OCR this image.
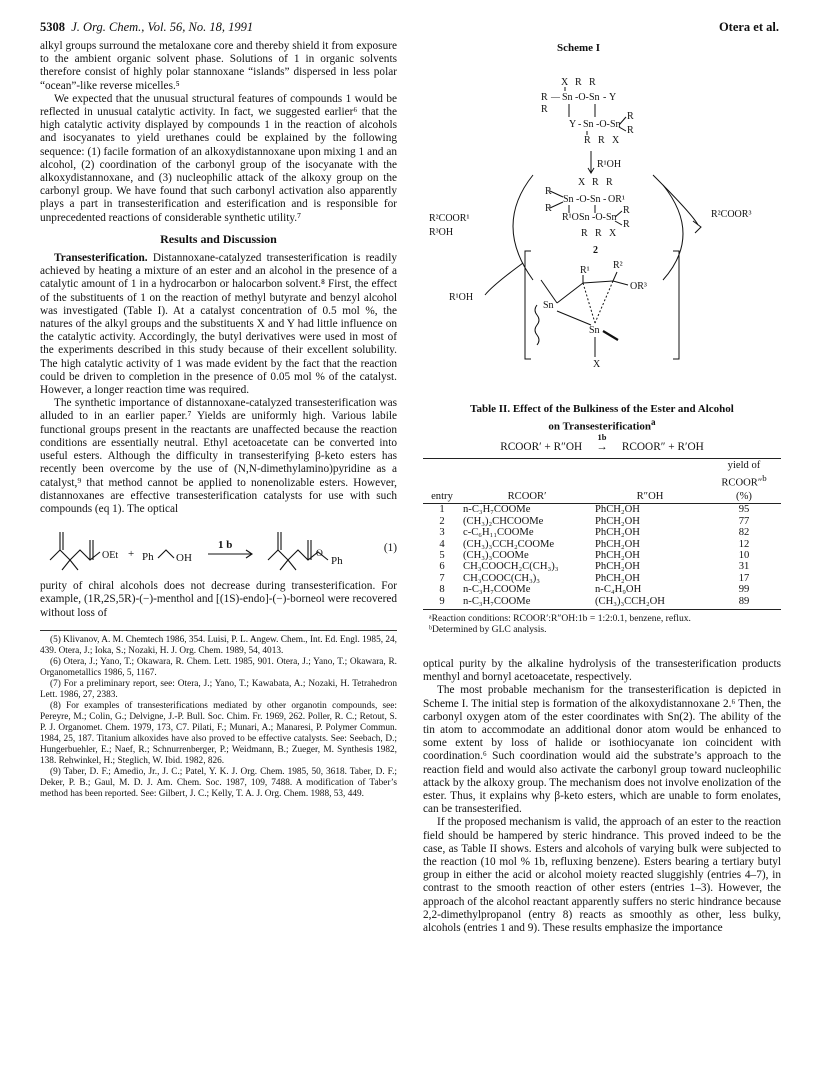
5308 J. Org. Chem., Vol. 56, No. 18, 1991	Otera et al.

alkyl groups surround the metaloxane core and thereby shield it from exposure to the ambient organic solvent phase. Solutions of 1 in organic solvents therefore consist of highly polar stannoxane “islands” dispersed in less polar “ocean”-like reverse micelles.⁵

We expected that the unusual structural features of compounds 1 would be reflected in unusual catalytic activity. In fact, we suggested earlier⁶ that the high catalytic activity displayed by compounds 1 in the reaction of alcohols and isocyanates to yield urethanes could be explained by the following sequence: (1) facile formation of an alkoxydistannoxane upon mixing 1 and an alcohol, (2) coordination of the carbonyl group of the isocyanate with the alkoxydistannoxane, and (3) nucleophilic attack of the alkoxy group on the carbonyl group. We have found that such carbonyl activation also apparently plays a part in transesterification and esterification and is responsible for unprecedented reactions of considerable synthetic utility.⁷

Results and Discussion

Transesterification. Distannoxane-catalyzed transesterification is readily achieved by heating a mixture of an ester and an alcohol in the presence of a catalytic amount of 1 in a hydrocarbon or halocarbon solvent.⁸ First, the effect of the substituents of 1 on the reaction of methyl butyrate and benzyl alcohol was investigated (Table I). At a catalyst concentration of 0.5 mol %, the natures of the alkyl groups and the substituents X and Y had little influence on the catalytic activity. Accordingly, the butyl derivatives were used in most of the experiments described in this study because of their excellent solubility. The high catalytic activity of 1 was made evident by the fact that the reaction could be driven to completion in the presence of 0.05 mol % of the catalyst. However, a longer reaction time was required.

The synthetic importance of distannoxane-catalyzed transesterification was alluded to in an earlier paper.⁷ Yields are uniformly high. Various labile functional groups present in the reactants are unaffected because the reaction conditions are essentially neutral. Ethyl acetoacetate can be converted into useful esters. Although the difficulty in transesterifying β-keto esters has recently been overcome by the use of (N,N-dimethylamino)pyridine as a catalyst,⁹ that method cannot be applied to nonenolizable esters. However, distannoxanes are effective transesterification catalysts for use with such compounds (eq 1). The optical

OEt + Ph OH
1 b
Ph
O	(1)

purity of chiral alcohols does not decrease during transesterification. For example, (1R,2S,5R)-(−)-menthol and [(1S)-endo]-(−)-borneol were recovered without loss of

(5) Klivanov, A. M. Chemtech 1986, 354. Luisi, P. L. Angew. Chem., Int. Ed. Engl. 1985, 24, 439. Otera, J.; Ioka, S.; Nozaki, H. J. Org. Chem. 1989, 54, 4013.

(6) Otera, J.; Yano, T.; Okawara, R. Chem. Lett. 1985, 901. Otera, J.; Yano, T.; Okawara, R. Organometallics 1986, 5, 1167.

(7) For a preliminary report, see: Otera, J.; Yano, T.; Kawabata, A.; Nozaki, H. Tetrahedron Lett. 1986, 27, 2383.

(8) For examples of transesterifications mediated by other organotin compounds, see: Pereyre, M.; Colin, G.; Delvigne, J.-P. Bull. Soc. Chim. Fr. 1969, 262. Poller, R. C.; Retout, S. P. J. Organomet. Chem. 1979, 173, C7. Pilati, F.; Munari, A.; Manaresi, P. Polymer Commun. 1984, 25, 187. Titanium alkoxides have also proved to be effective catalysts. See: Seebach, D.; Hungerbuehler, E.; Naef, R.; Schnurrenberger, P.; Weidmann, B.; Zueger, M. Synthesis 1982, 138. Rehwinkel, H.; Steglich, W. Ibid. 1982, 826.

(9) Taber, D. F.; Amedio, Jr., J. C.; Patel, Y. K. J. Org. Chem. 1985, 50, 3618. Taber, D. F.; Deker, P. B.; Gaul, M. D. J. Am. Chem. Soc. 1987, 109, 7488. A modification of Taber’s method has been reported. See: Gilbert, J. C.; Kelly, T. A. J. Org. Chem. 1988, 53, 449.

Scheme I
X R R
R — Sn -O- Sn - Y
R
Y - Sn -O- Sn
R
R
R R X
R¹OH
X R R
R
Sn -O- Sn - OR¹
R
R¹O Sn -O- Sn
R
R
R R X
2
R²COOR¹
R³OH
R²COOR³
R¹OH
Sn
R¹ R²
OR³
Sn
X
Table II. Effect of the Bulkiness of the Ester and Alcohol
on Transesterification$^a$
RCOOR′ + R″OH
1b
→ RCOOR″ + R′OH
			yield of
			RCOOR″$^b$
entry	RCOOR′	R″OH	(%)
1	n-C₃H₇COOMe	PhCH₂OH	95
2	(CH₃)₂CHCOOMe	PhCH₂OH	77
3	c-C₆H₁₁COOMe	PhCH₂OH	82
4	(CH₃)₃CCH₂COOMe	PhCH₂OH	12
5	(CH₃)₃COOMe	PhCH₂OH	10
6	CH₃COOCH₂C(CH₃)₃	PhCH₂OH	31
7	CH₃COOC(CH₃)₃	PhCH₂OH	17
8	n-C₃H₇COOMe	n-C₄H₉OH	99
9	n-C₃H₇COOMe	(CH₃)₃CCH₂OH	89

ᵃReaction conditions: RCOOR′:R″OH:1b = 1:2:0.1, benzene, reflux.

ᵇDetermined by GLC analysis.

optical purity by the alkaline hydrolysis of the transesterification products menthyl and bornyl acetoacetate, respectively.

The most probable mechanism for the transesterification is depicted in Scheme I. The initial step is formation of the alkoxydistannoxane 2.⁶ Then, the carbonyl oxygen atom of the ester coordinates with Sn(2). The ability of the tin atom to accommodate an additional donor atom would be enhanced to some extent by loss of halide or isothiocyanate ion coincident with coordination.⁶ Such coordination would aid the substrate’s approach to the reaction field and would also activate the carbonyl group toward nucleophilic attack by the alkoxy group. The mechanism does not involve enolization of the ester. Thus, it explains why β-keto esters, which are unable to form enolates, can be transesterified.

If the proposed mechanism is valid, the approach of an ester to the reaction field should be hampered by steric hindrance. This proved indeed to be the case, as Table II shows. Esters and alcohols of varying bulk were subjected to the reaction (10 mol % 1b, refluxing benzene). Esters bearing a tertiary butyl group in either the acid or alcohol moiety reacted sluggishly (entries 4–7), in contrast to the smooth reaction of other esters (entries 1–3). However, the approach of the alcohol reactant apparently suffers no steric hindrance because 2,2-dimethylpropanol (entry 8) reacts as smoothly as other, less bulky, alcohols (entries 1 and 9). These results emphasize the importance
